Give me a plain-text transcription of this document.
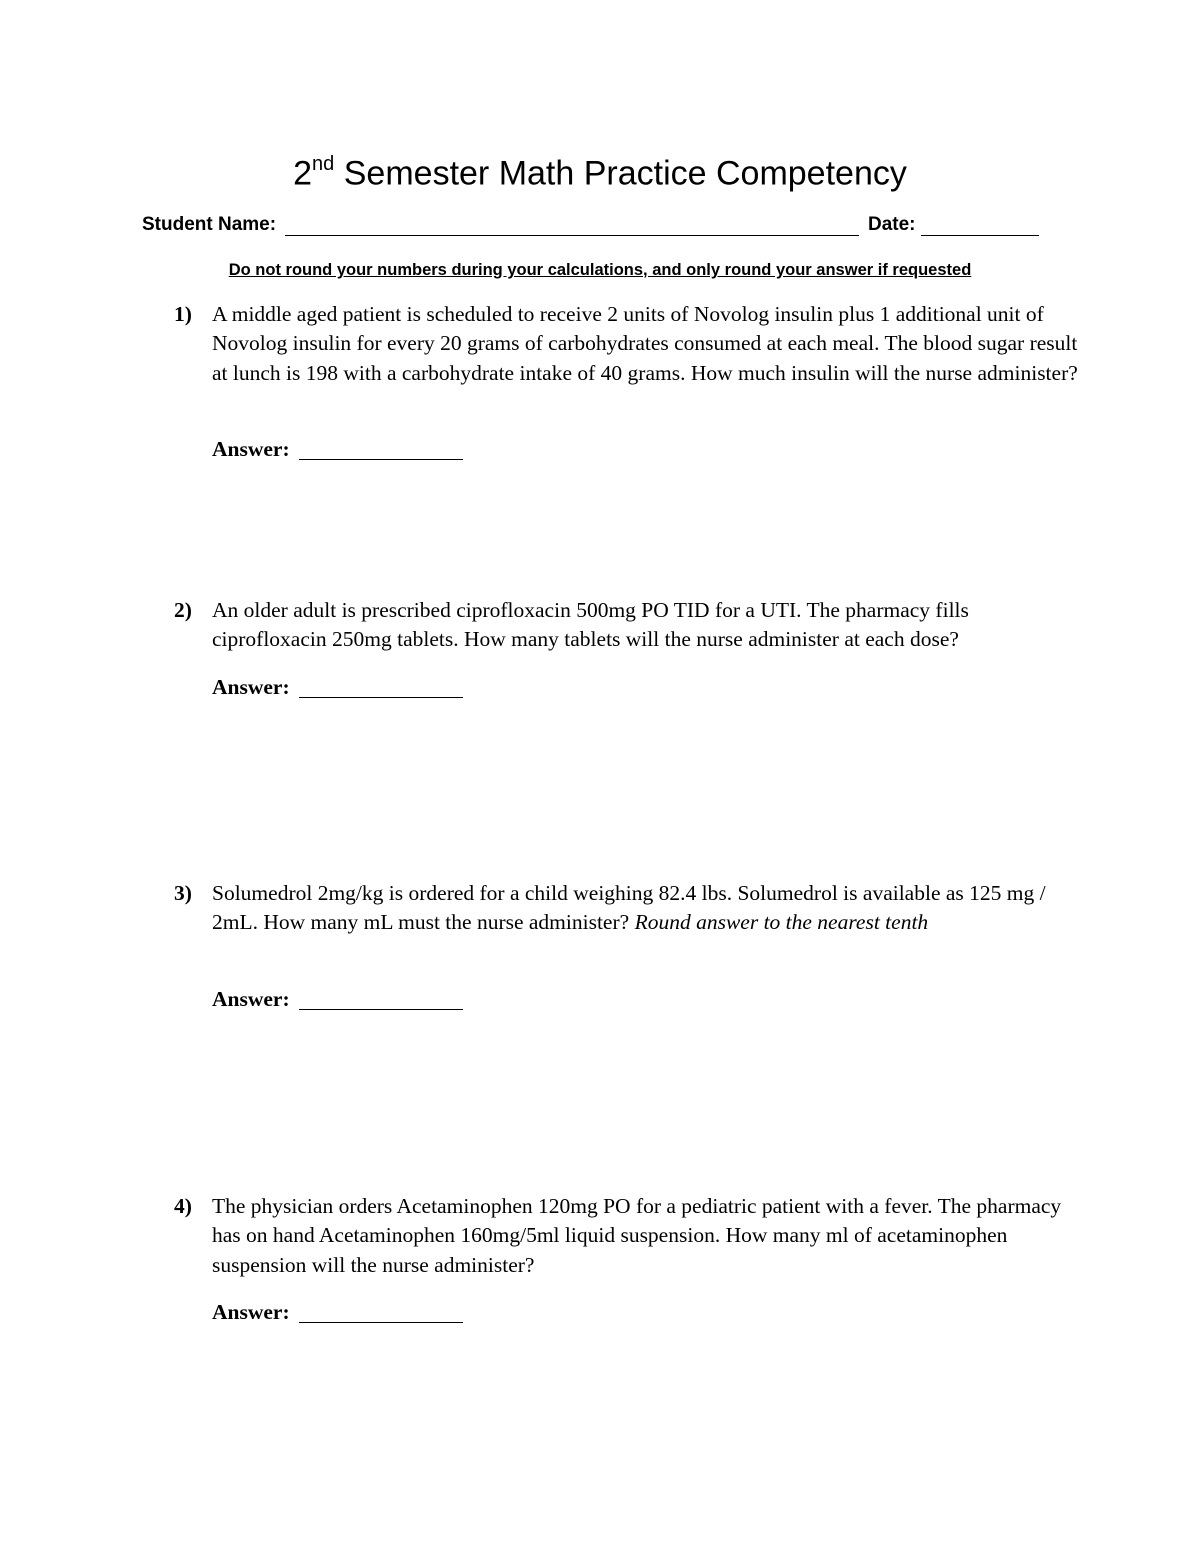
2nd Semester Math Practice Competency
Student Name:	Date:
Do not round your numbers during your calculations, and only round your answer if requested
1) A middle aged patient is scheduled to receive 2 units of Novolog insulin plus 1 additional unit of Novolog insulin for every 20 grams of carbohydrates consumed at each meal. The blood sugar result at lunch is 198 with a carbohydrate intake of 40 grams. How much insulin will the nurse administer?
Answer:
2) An older adult is prescribed ciprofloxacin 500mg PO TID for a UTI. The pharmacy fills ciprofloxacin 250mg tablets. How many tablets will the nurse administer at each dose?
Answer:
3) Solumedrol 2mg/kg is ordered for a child weighing 82.4 lbs. Solumedrol is available as 125 mg / 2mL. How many mL must the nurse administer? Round answer to the nearest tenth
Answer:
4) The physician orders Acetaminophen 120mg PO for a pediatric patient with a fever. The pharmacy has on hand Acetaminophen 160mg/5ml liquid suspension. How many ml of acetaminophen suspension will the nurse administer?
Answer:
